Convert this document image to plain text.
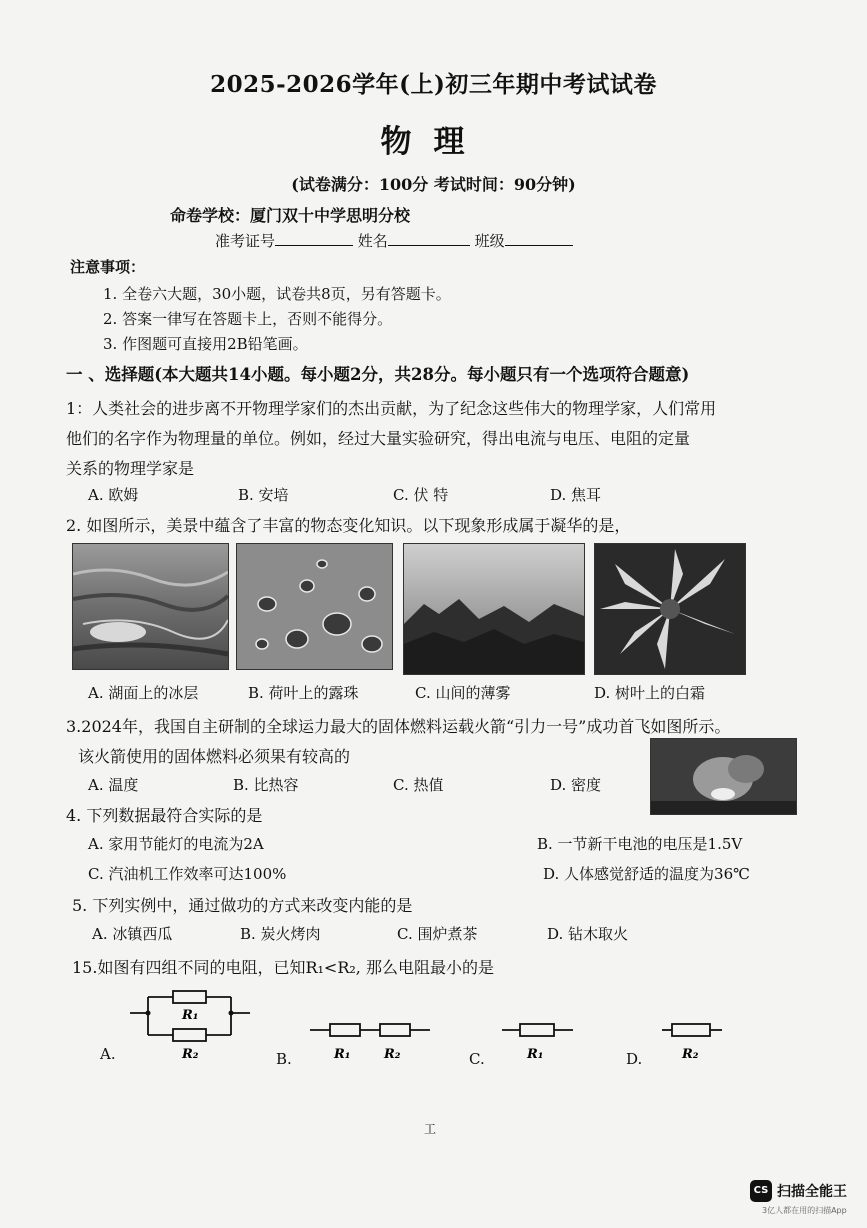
2025-2026学年(上)初三年期中考试试卷
物理
(试卷满分：100分 考试时间：90分钟)
命卷学校：厦门双十中学思明分校
准考证号	姓名	班级
注意事项：
1. 全卷六大题，30小题，试卷共8页，另有答题卡。
2. 答案一律写在答题卡上，否则不能得分。
3. 作图题可直接用2B铅笔画。
一 、选择题(本大题共14小题。每小题2分，共28分。每小题只有一个选项符合题意)
1：人类社会的进步离不开物理学家们的杰出贡献，为了纪念这些伟大的物理学家，人们常用
他们的名字作为物理量的单位。例如，经过大量实验研究，得出电流与电压、电阻的定量
关系的物理学家是
A. 欧姆	B. 安培	C. 伏 特	D. 焦耳
2. 如图所示，美景中蕴含了丰富的物态变化知识。以下现象形成属于凝华的是，
A. 湖面上的冰层	B. 荷叶上的露珠	C. 山间的薄雾	D. 树叶上的白霜
3.2024年，我国自主研制的全球运力最大的固体燃料运载火箭“引力一号”成功首飞如图所示。
该火箭使用的固体燃料必须果有较高的
A. 温度	B. 比热容	C. 热值	D. 密度
4. 下列数据最符合实际的是
A. 家用节能灯的电流为2A	B. 一节新干电池的电压是1.5V
C. 汽油机工作效率可达100%	D. 人体感觉舒适的温度为36℃
5. 下列实例中，通过做功的方式来改变内能的是
A. 冰镇西瓜	B. 炭火烤肉	C. 围炉煮茶	D. 钻木取火
15.如图有四组不同的电阻，已知R₁<R₂, 那么电阻最小的是
A.
R₁
R₂	B.	R₁	R₂	C.	R₁	D.	R₂
工
CS 扫描全能王
3亿人都在用的扫描App
